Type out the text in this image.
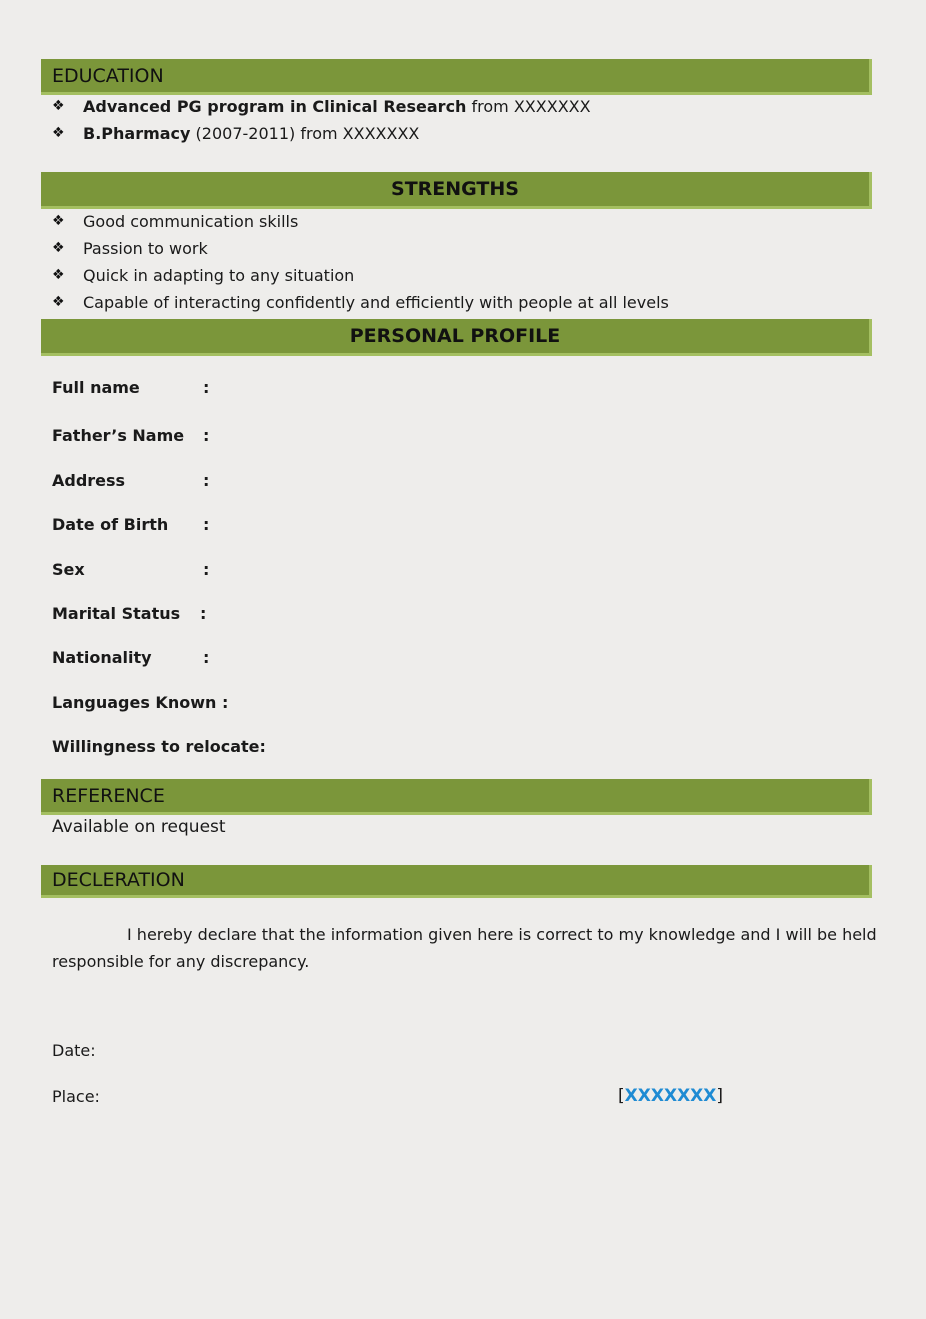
EDUCATION
❖	Advanced PG program in Clinical Research from XXXXXXX
❖	B.Pharmacy (2007-2011) from XXXXXXX
STRENGTHS
❖	Good communication skills
❖	Passion to work
❖	Quick in adapting to any situation
❖	Capable of interacting confidently and efficiently with people at all levels
PERSONAL PROFILE
Full name	:
Father’s Name :
Address	:
Date of Birth :
Sex	:
Marital Status :
Nationality	:
Languages Known :
Willingness to relocate:
REFERENCE
Available on request
DECLERATION
I hereby declare that the information given here is correct to my knowledge and I will be held
responsible for any discrepancy.
Date:
Place:	[XXXXXXX]
